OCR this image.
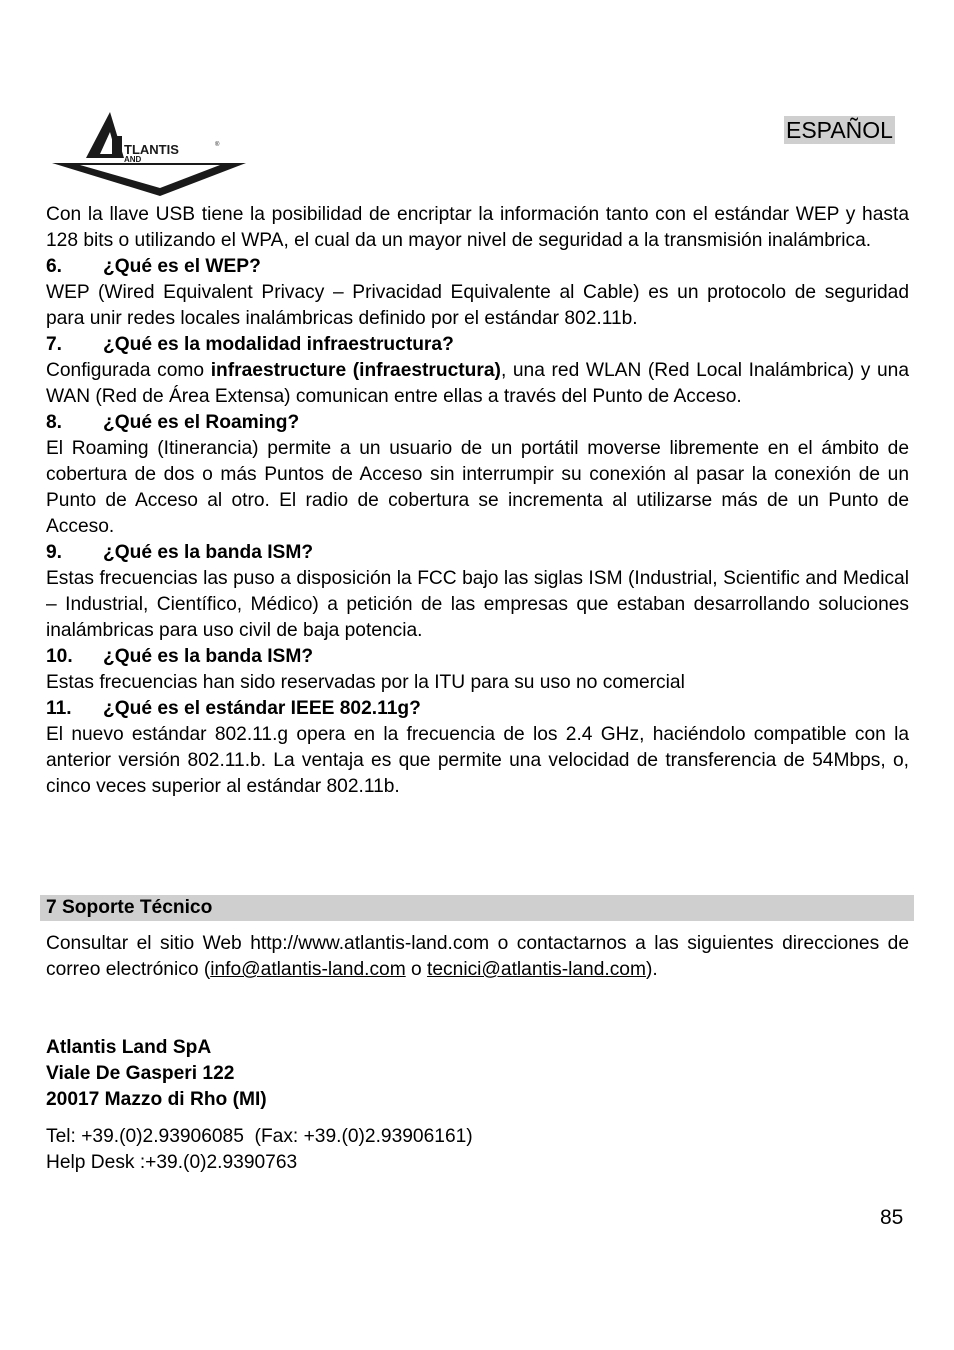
TLANTIS
AND
®
ESPAÑOL

Con la llave USB tiene la posibilidad de encriptar la información tanto con el estándar WEP y hasta 128 bits o utilizando el WPA, el cual da un mayor nivel de seguridad a la transmisión inalámbrica.

6. ¿Qué es el WEP?

WEP (Wired Equivalent Privacy – Privacidad Equivalente al Cable) es un protocolo de seguridad para unir redes locales inalámbricas definido por el estándar 802.11b.

7. ¿Qué es la modalidad infraestructura?

Configurada como infraestructure (infraestructura), una red WLAN (Red Local Inalámbrica) y una WAN (Red de Área Extensa) comunican entre ellas a través del Punto de Acceso.

8. ¿Qué es el Roaming?

El Roaming (Itinerancia) permite a un usuario de un portátil moverse libremente en el ámbito de cobertura de dos o más Puntos de Acceso sin interrumpir su conexión al pasar la conexión de un Punto de Acceso al otro. El radio de cobertura se incrementa al utilizarse más de un Punto de Acceso.

9. ¿Qué es la banda ISM?

Estas frecuencias las puso a disposición la FCC bajo las siglas ISM (Industrial, Scientific and Medical – Industrial, Científico, Médico) a petición de las empresas que estaban desarrollando soluciones inalámbricas para uso civil de baja potencia.

10. ¿Qué es la banda ISM?

Estas frecuencias han sido reservadas por la ITU para su uso no comercial

11. ¿Qué es el estándar IEEE 802.11g?

El nuevo estándar 802.11.g opera en la frecuencia de los 2.4 GHz, haciéndolo compatible con la anterior versión 802.11.b. La ventaja es que permite una velocidad de transferencia de 54Mbps, o, cinco veces superior al estándar 802.11b.

7 Soporte Técnico

Consultar el sitio Web http://www.atlantis-land.com o contactarnos a las siguientes direcciones de correo electrónico (info@atlantis-land.com o tecnici@atlantis-land.com).

Atlantis Land SpA
Viale De Gasperi 122
20017 Mazzo di Rho (MI)
Tel: +39.(0)2.93906085  (Fax: +39.(0)2.93906161)
Help Desk :+39.(0)2.9390763
85
